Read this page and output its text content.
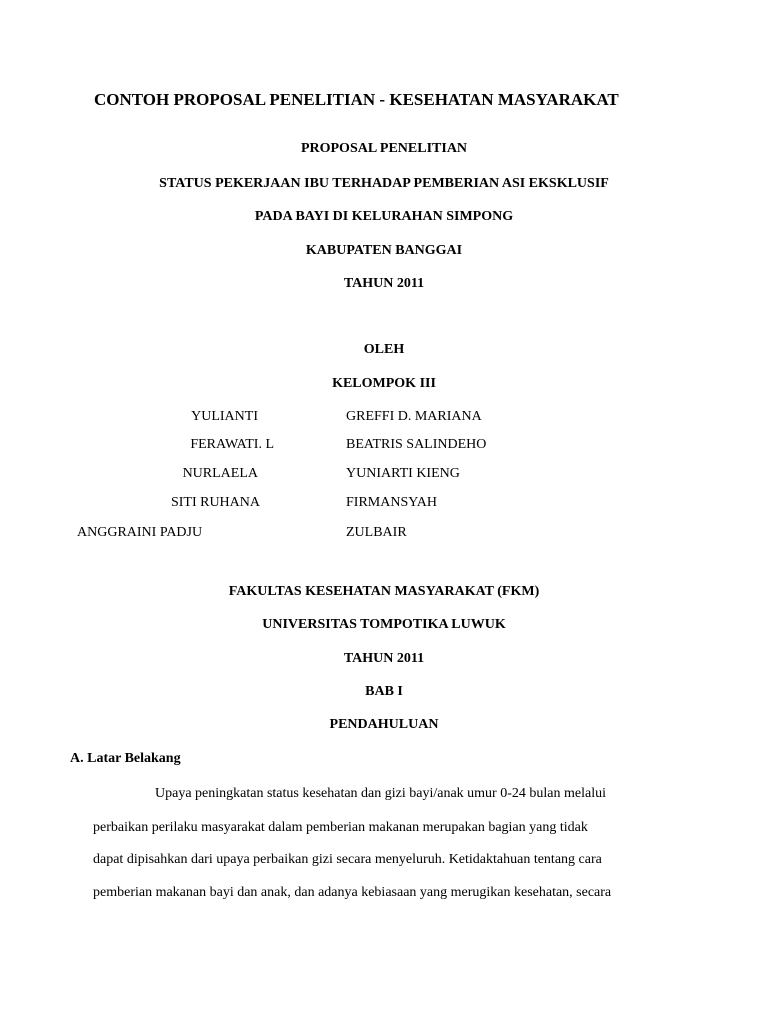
CONTOH PROPOSAL PENELITIAN - KESEHATAN MASYARAKAT
PROPOSAL PENELITIAN
STATUS PEKERJAAN IBU TERHADAP PEMBERIAN ASI EKSKLUSIF
PADA BAYI DI KELURAHAN SIMPONG
KABUPATEN BANGGAI
TAHUN 2011
OLEH
KELOMPOK III
YULIANTI
FERAWATI. L
NURLAELA
SITI RUHANA
ANGGRAINI PADJU
GREFFI D. MARIANA
BEATRIS SALINDEHO
YUNIARTI KIENG
FIRMANSYAH
ZULBAIR
FAKULTAS KESEHATAN MASYARAKAT (FKM)
UNIVERSITAS TOMPOTIKA LUWUK
TAHUN 2011
BAB I
PENDAHULUAN
A. Latar Belakang
Upaya peningkatan status kesehatan dan gizi bayi/anak umur 0-24 bulan melalui
perbaikan perilaku masyarakat dalam pemberian makanan merupakan bagian yang tidak
dapat dipisahkan dari upaya perbaikan gizi secara menyeluruh. Ketidaktahuan tentang cara
pemberian makanan bayi dan anak, dan adanya kebiasaan yang merugikan kesehatan, secara
